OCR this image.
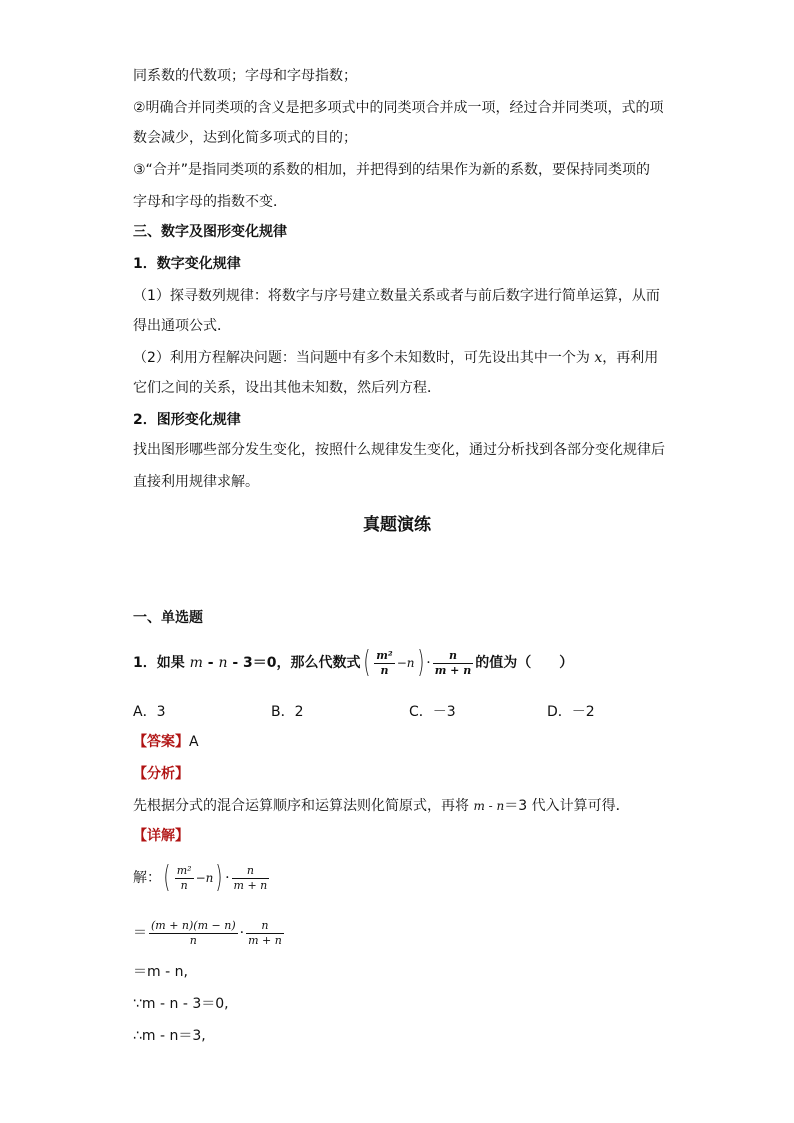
同系数的代数项；字母和字母指数；
②明确合并同类项的含义是把多项式中的同类项合并成一项，经过合并同类项，式的项
数会减少，达到化简多项式的目的；
③“合并”是指同类项的系数的相加，并把得到的结果作为新的系数，要保持同类项的
字母和字母的指数不变．
三、数字及图形变化规律
1．数字变化规律
（1）探寻数列规律：将数字与序号建立数量关系或者与前后数字进行简单运算，从而
得出通项公式．
（2）利用方程解决问题：当问题中有多个未知数时，可先设出其中一个为 x，再利用
它们之间的关系，设出其他未知数，然后列方程．
2．图形变化规律
找出图形哪些部分发生变化，按照什么规律发生变化，通过分析找到各部分变化规律后
直接利用规律求解。
真题演练
一、单选题
1．如果 m - n - 3＝0，那么代数式( $\frac{\text{m²}}{n} -n) \cdot \frac{n}{m + n}$ 的值为（　　）
A．3	B．2	C．－3	D．－2
【答案】A
【分析】
先根据分式的混合运算顺序和运算法则化简原式，再将 m - n＝3 代入计算可得．
【详解】
解：( $\frac{\text{m²}}{n} -n) \cdot \frac{n}{m + n}$
＝ $\frac{(m + n)(m - n)}{n} \cdot \frac{n}{m + n}$
＝m - n,
∵m - n - 3＝0,
∴m - n＝3,
